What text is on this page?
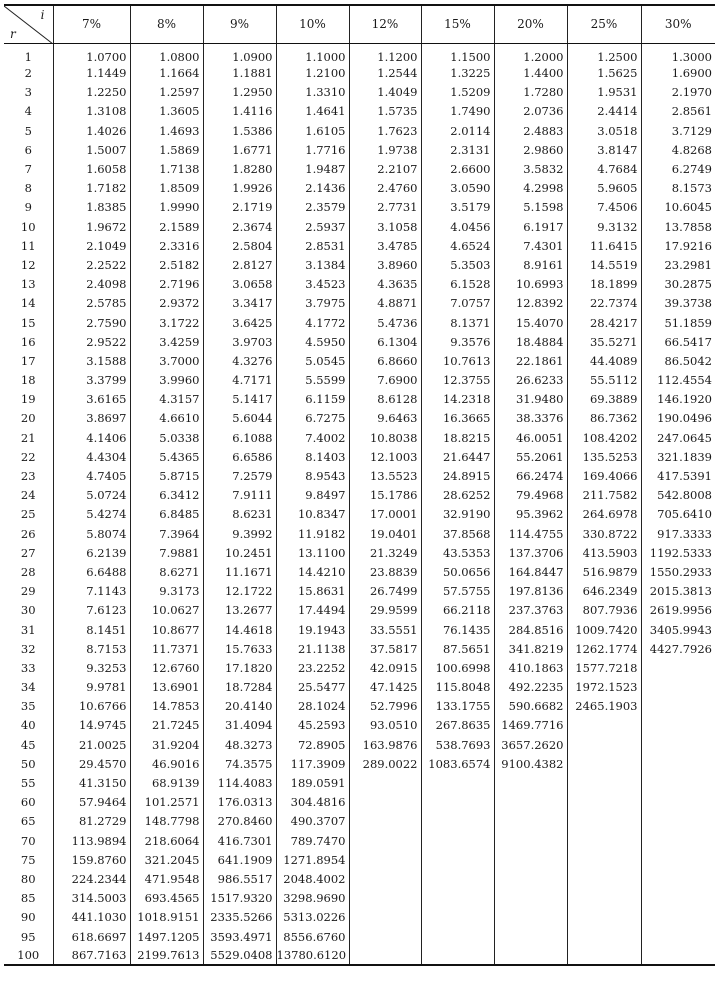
i
r	7%	8%	9%	10%	12%	15%	20%	25%	30%
1	1.0700	1.0800	1.0900	1.1000	1.1200	1.1500	1.2000	1.2500	1.3000
2	1.1449	1.1664	1.1881	1.2100	1.2544	1.3225	1.4400	1.5625	1.6900
3	1.2250	1.2597	1.2950	1.3310	1.4049	1.5209	1.7280	1.9531	2.1970
4	1.3108	1.3605	1.4116	1.4641	1.5735	1.7490	2.0736	2.4414	2.8561
5	1.4026	1.4693	1.5386	1.6105	1.7623	2.0114	2.4883	3.0518	3.7129
6	1.5007	1.5869	1.6771	1.7716	1.9738	2.3131	2.9860	3.8147	4.8268
7	1.6058	1.7138	1.8280	1.9487	2.2107	2.6600	3.5832	4.7684	6.2749
8	1.7182	1.8509	1.9926	2.1436	2.4760	3.0590	4.2998	5.9605	8.1573
9	1.8385	1.9990	2.1719	2.3579	2.7731	3.5179	5.1598	7.4506	10.6045
10	1.9672	2.1589	2.3674	2.5937	3.1058	4.0456	6.1917	9.3132	13.7858
11	2.1049	2.3316	2.5804	2.8531	3.4785	4.6524	7.4301	11.6415	17.9216
12	2.2522	2.5182	2.8127	3.1384	3.8960	5.3503	8.9161	14.5519	23.2981
13	2.4098	2.7196	3.0658	3.4523	4.3635	6.1528	10.6993	18.1899	30.2875
14	2.5785	2.9372	3.3417	3.7975	4.8871	7.0757	12.8392	22.7374	39.3738
15	2.7590	3.1722	3.6425	4.1772	5.4736	8.1371	15.4070	28.4217	51.1859
16	2.9522	3.4259	3.9703	4.5950	6.1304	9.3576	18.4884	35.5271	66.5417
17	3.1588	3.7000	4.3276	5.0545	6.8660	10.7613	22.1861	44.4089	86.5042
18	3.3799	3.9960	4.7171	5.5599	7.6900	12.3755	26.6233	55.5112	112.4554
19	3.6165	4.3157	5.1417	6.1159	8.6128	14.2318	31.9480	69.3889	146.1920
20	3.8697	4.6610	5.6044	6.7275	9.6463	16.3665	38.3376	86.7362	190.0496
21	4.1406	5.0338	6.1088	7.4002	10.8038	18.8215	46.0051	108.4202	247.0645
22	4.4304	5.4365	6.6586	8.1403	12.1003	21.6447	55.2061	135.5253	321.1839
23	4.7405	5.8715	7.2579	8.9543	13.5523	24.8915	66.2474	169.4066	417.5391
24	5.0724	6.3412	7.9111	9.8497	15.1786	28.6252	79.4968	211.7582	542.8008
25	5.4274	6.8485	8.6231	10.8347	17.0001	32.9190	95.3962	264.6978	705.6410
26	5.8074	7.3964	9.3992	11.9182	19.0401	37.8568	114.4755	330.8722	917.3333
27	6.2139	7.9881	10.2451	13.1100	21.3249	43.5353	137.3706	413.5903	1192.5333
28	6.6488	8.6271	11.1671	14.4210	23.8839	50.0656	164.8447	516.9879	1550.2933
29	7.1143	9.3173	12.1722	15.8631	26.7499	57.5755	197.8136	646.2349	2015.3813
30	7.6123	10.0627	13.2677	17.4494	29.9599	66.2118	237.3763	807.7936	2619.9956
31	8.1451	10.8677	14.4618	19.1943	33.5551	76.1435	284.8516	1009.7420	3405.9943
32	8.7153	11.7371	15.7633	21.1138	37.5817	87.5651	341.8219	1262.1774	4427.7926
33	9.3253	12.6760	17.1820	23.2252	42.0915	100.6998	410.1863	1577.7218	
34	9.9781	13.6901	18.7284	25.5477	47.1425	115.8048	492.2235	1972.1523	
35	10.6766	14.7853	20.4140	28.1024	52.7996	133.1755	590.6682	2465.1903	
40	14.9745	21.7245	31.4094	45.2593	93.0510	267.8635	1469.7716		
45	21.0025	31.9204	48.3273	72.8905	163.9876	538.7693	3657.2620		
50	29.4570	46.9016	74.3575	117.3909	289.0022	1083.6574	9100.4382		
55	41.3150	68.9139	114.4083	189.0591					
60	57.9464	101.2571	176.0313	304.4816					
65	81.2729	148.7798	270.8460	490.3707					
70	113.9894	218.6064	416.7301	789.7470					
75	159.8760	321.2045	641.1909	1271.8954					
80	224.2344	471.9548	986.5517	2048.4002					
85	314.5003	693.4565	1517.9320	3298.9690					
90	441.1030	1018.9151	2335.5266	5313.0226					
95	618.6697	1497.1205	3593.4971	8556.6760					
100	867.7163	2199.7613	5529.0408	13780.6120					
